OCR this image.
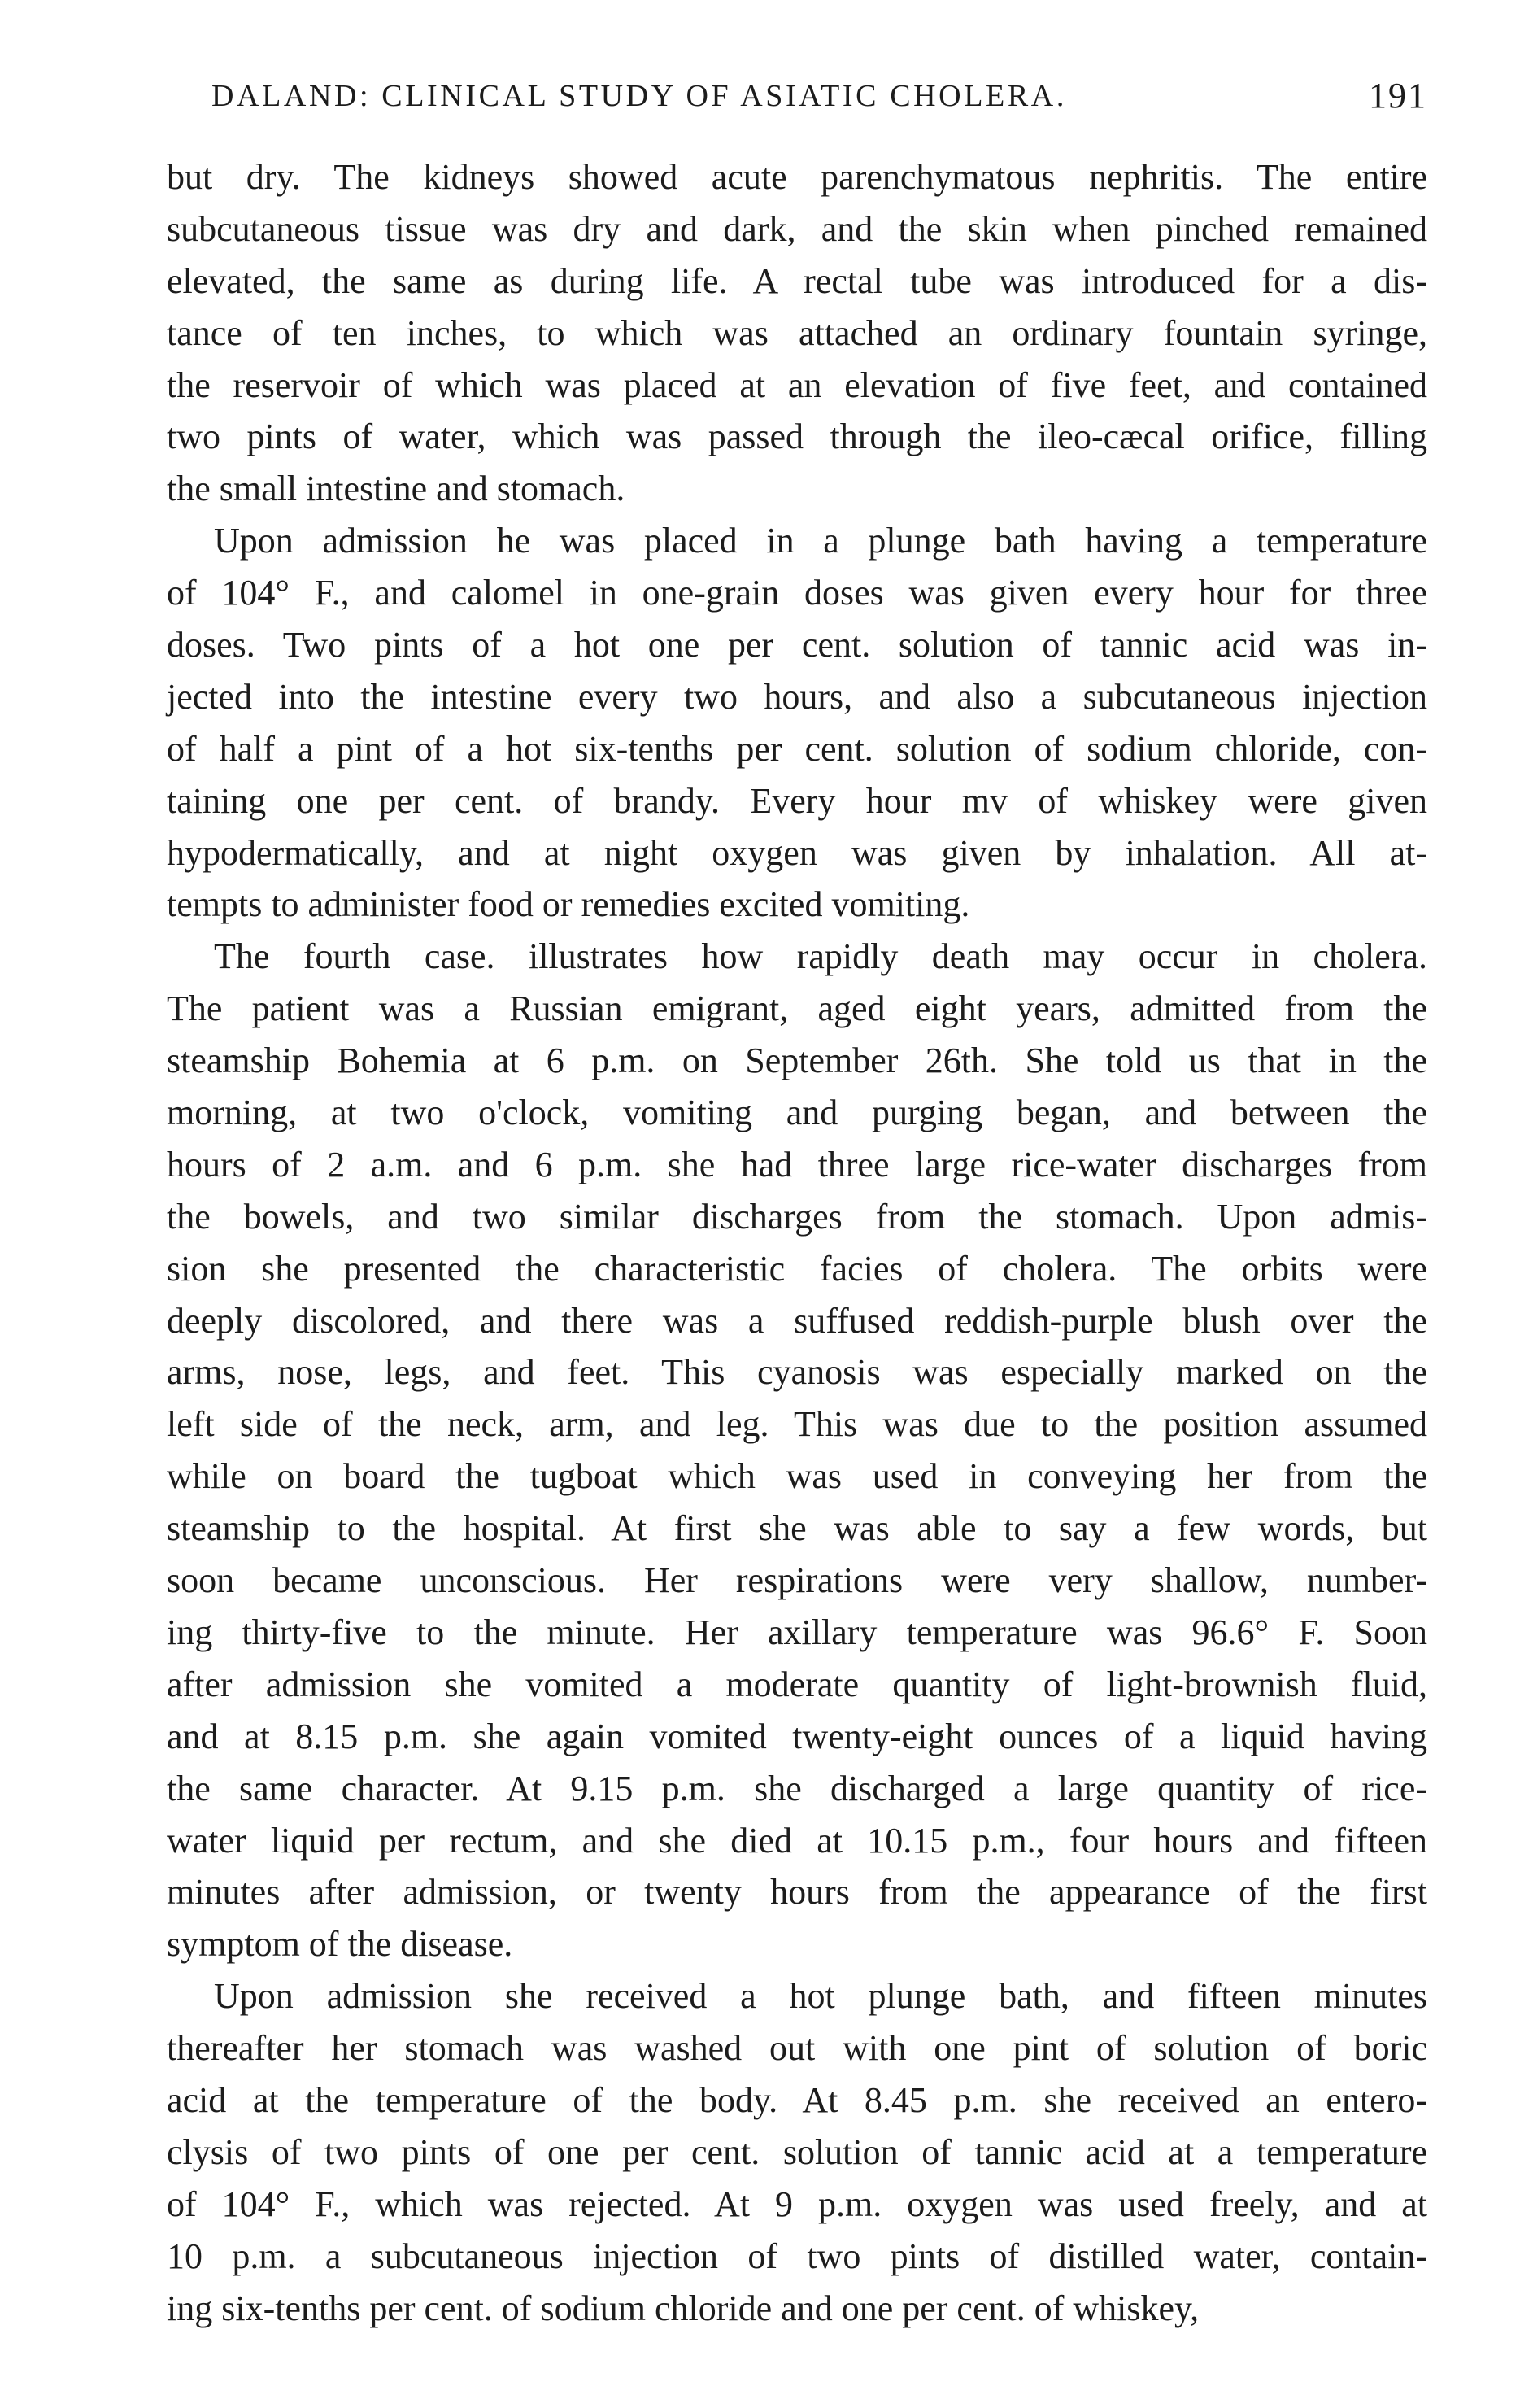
DALAND: CLINICAL STUDY OF ASIATIC CHOLERA.	191
but dry. The kidneys showed acute parenchymatous nephritis. The entire
subcutaneous tissue was dry and dark, and the skin when pinched remained
elevated, the same as during life. A rectal tube was introduced for a dis-
tance of ten inches, to which was attached an ordinary fountain syringe,
the reservoir of which was placed at an elevation of five feet, and contained
two pints of water, which was passed through the ileo-cæcal orifice, filling
the small intestine and stomach.
Upon admission he was placed in a plunge bath having a temperature
of 104° F., and calomel in one-grain doses was given every hour for three
doses. Two pints of a hot one per cent. solution of tannic acid was in-
jected into the intestine every two hours, and also a subcutaneous injection
of half a pint of a hot six-tenths per cent. solution of sodium chloride, con-
taining one per cent. of brandy. Every hour mv of whiskey were given
hypodermatically, and at night oxygen was given by inhalation. All at-
tempts to administer food or remedies excited vomiting.
The fourth case. illustrates how rapidly death may occur in cholera.
The patient was a Russian emigrant, aged eight years, admitted from the
steamship Bohemia at 6 p.m. on September 26th. She told us that in the
morning, at two o'clock, vomiting and purging began, and between the
hours of 2 a.m. and 6 p.m. she had three large rice-water discharges from
the bowels, and two similar discharges from the stomach. Upon admis-
sion she presented the characteristic facies of cholera. The orbits were
deeply discolored, and there was a suffused reddish-purple blush over the
arms, nose, legs, and feet. This cyanosis was especially marked on the
left side of the neck, arm, and leg. This was due to the position assumed
while on board the tugboat which was used in conveying her from the
steamship to the hospital. At first she was able to say a few words, but
soon became unconscious. Her respirations were very shallow, number-
ing thirty-five to the minute. Her axillary temperature was 96.6° F. Soon
after admission she vomited a moderate quantity of light-brownish fluid,
and at 8.15 p.m. she again vomited twenty-eight ounces of a liquid having
the same character. At 9.15 p.m. she discharged a large quantity of rice-
water liquid per rectum, and she died at 10.15 p.m., four hours and fifteen
minutes after admission, or twenty hours from the appearance of the first
symptom of the disease.
Upon admission she received a hot plunge bath, and fifteen minutes
thereafter her stomach was washed out with one pint of solution of boric
acid at the temperature of the body. At 8.45 p.m. she received an entero-
clysis of two pints of one per cent. solution of tannic acid at a temperature
of 104° F., which was rejected. At 9 p.m. oxygen was used freely, and at
10 p.m. a subcutaneous injection of two pints of distilled water, contain-
ing six-tenths per cent. of sodium chloride and one per cent. of whiskey,
